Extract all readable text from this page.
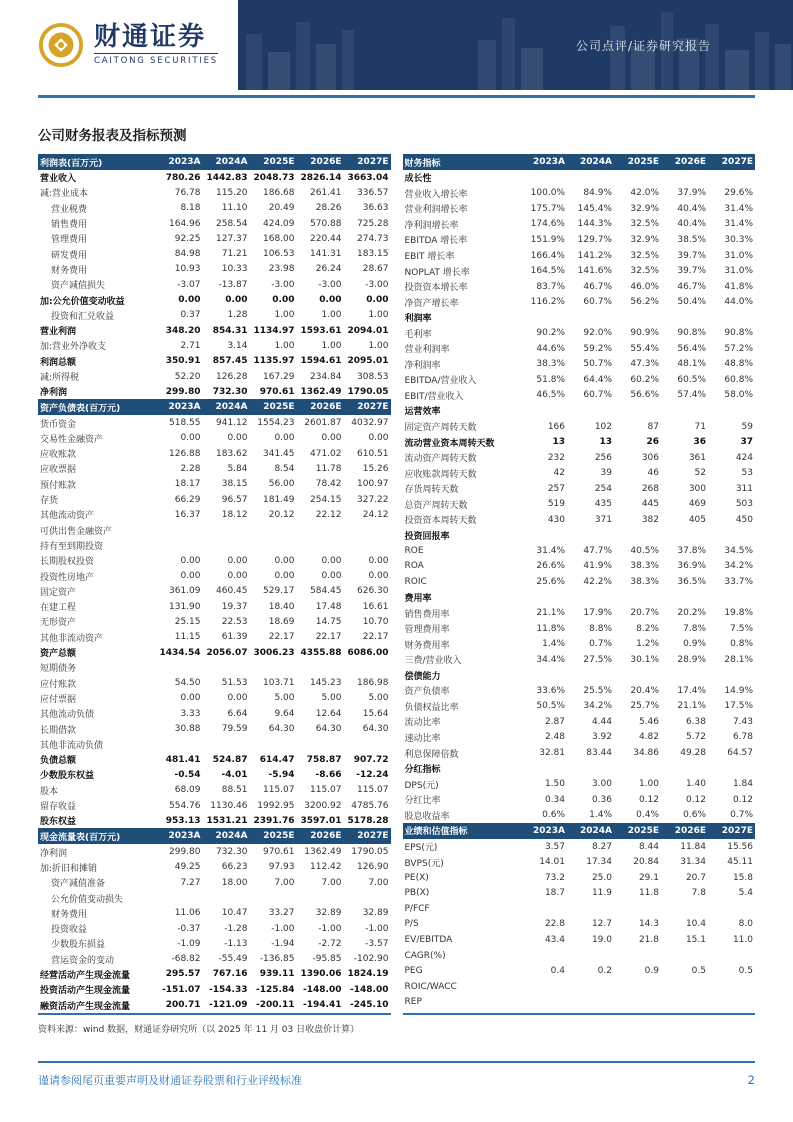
财通证券
CAITONG SECURITIES
公司点评/证券研究报告
公司财务报表及指标预测
利润表(百万元)	2023A	2024A	2025E	2026E	2027E
营业收入	780.26 1442.83 2048.73 2826.14 3663.04
减:营业成本	76.78	115.20	186.68	261.41	336.57
营业税费	8.18	11.10	20.49	28.26	36.63
销售费用	164.96	258.54	424.09	570.88	725.28
管理费用	92.25	127.37	168.00	220.44	274.73
研发费用	84.98	71.21	106.53	141.31	183.15
财务费用	10.93	10.33	23.98	26.24	28.67
资产减值损失	-3.07	-13.87	-3.00	-3.00	-3.00
加:公允价值变动收益	0.00	0.00	0.00	0.00	0.00
投资和汇兑收益	0.37	1.28	1.00	1.00	1.00
营业利润	348.20	854.31 1134.97 1593.61 2094.01
加:营业外净收支	2.71	3.14	1.00	1.00	1.00
利润总额	350.91	857.45 1135.97 1594.61 2095.01
减:所得税	52.20	126.28	167.29	234.84	308.53
净利润	299.80	732.30	970.61 1362.49 1790.05
资产负债表(百万元)	2023A	2024A	2025E	2026E	2027E
货币资金	518.55	941.12	1554.23	2601.87	4032.97
交易性金融资产	0.00	0.00	0.00	0.00	0.00
应收账款	126.88	183.62	341.45	471.02	610.51
应收票据	2.28	5.84	8.54	11.78	15.26
预付账款	18.17	38.15	56.00	78.42	100.97
存货	66.29	96.57	181.49	254.15	327.22
其他流动资产	16.37	18.12	20.12	22.12	24.12
可供出售金融资产
持有至到期投资
长期股权投资	0.00	0.00	0.00	0.00	0.00
投资性房地产	0.00	0.00	0.00	0.00	0.00
固定资产	361.09	460.45	529.17	584.45	626.30
在建工程	131.90	19.37	18.40	17.48	16.61
无形资产	25.15	22.53	18.69	14.75	10.70
其他非流动资产	11.15	61.39	22.17	22.17	22.17
资产总额	1434.54 2056.07 3006.23 4355.88 6086.00
短期债务
应付账款	54.50	51.53	103.71	145.23	186.98
应付票据	0.00	0.00	5.00	5.00	5.00
其他流动负债	3.33	6.64	9.64	12.64	15.64
长期借款	30.88	79.59	64.30	64.30	64.30
其他非流动负债
负债总额	481.41	524.87	614.47	758.87	907.72
少数股东权益	-0.54	-4.01	-5.94	-8.66	-12.24
股本	68.09	88.51	115.07	115.07	115.07
留存收益	554.76	1130.46	1992.95	3200.92	4785.76
股东权益	953.13 1531.21 2391.76 3597.01 5178.28
现金流量表(百万元)	2023A	2024A	2025E	2026E	2027E
净利润	299.80	732.30	970.61	1362.49	1790.05
加:折旧和摊销	49.25	66.23	97.93	112.42	126.90
资产减值准备	7.27	18.00	7.00	7.00	7.00
公允价值变动损失
财务费用	11.06	10.47	33.27	32.89	32.89
投资收益	-0.37	-1.28	-1.00	-1.00	-1.00
少数股东损益	-1.09	-1.13	-1.94	-2.72	-3.57
营运资金的变动	-68.82	-55.49	-136.85	-95.85	-102.90
经营活动产生现金流量	295.57	767.16	939.11 1390.06 1824.19
投资活动产生现金流量	-151.07 -154.33 -125.84 -148.00 -148.00
融资活动产生现金流量	200.71 -121.09 -200.11 -194.41 -245.10
财务指标	2023A	2024A	2025E	2026E	2027E
成长性
营业收入增长率	100.0%	84.9%	42.0%	37.9%	29.6%
营业利润增长率	175.7%	145.4%	32.9%	40.4%	31.4%
净利润增长率	174.6%	144.3%	32.5%	40.4%	31.4%
EBITDA 增长率	151.9%	129.7%	32.9%	38.5%	30.3%
EBIT 增长率	166.4%	141.2%	32.5%	39.7%	31.0%
NOPLAT 增长率	164.5%	141.6%	32.5%	39.7%	31.0%
投资资本增长率	83.7%	46.7%	46.0%	46.7%	41.8%
净资产增长率	116.2%	60.7%	56.2%	50.4%	44.0%
利润率
毛利率	90.2%	92.0%	90.9%	90.8%	90.8%
营业利润率	44.6%	59.2%	55.4%	56.4%	57.2%
净利润率	38.3%	50.7%	47.3%	48.1%	48.8%
EBITDA/营业收入	51.8%	64.4%	60.2%	60.5%	60.8%
EBIT/营业收入	46.5%	60.7%	56.6%	57.4%	58.0%
运营效率
固定资产周转天数	166	102	87	71	59
流动营业资本周转天数	13	13	26	36	37
流动资产周转天数	232	256	306	361	424
应收账款周转天数	42	39	46	52	53
存货周转天数	257	254	268	300	311
总资产周转天数	519	435	445	469	503
投资资本周转天数	430	371	382	405	450
投资回报率
ROE	31.4%	47.7%	40.5%	37.8%	34.5%
ROA	26.6%	41.9%	38.3%	36.9%	34.2%
ROIC	25.6%	42.2%	38.3%	36.5%	33.7%
费用率
销售费用率	21.1%	17.9%	20.7%	20.2%	19.8%
管理费用率	11.8%	8.8%	8.2%	7.8%	7.5%
财务费用率	1.4%	0.7%	1.2%	0.9%	0.8%
三费/营业收入	34.4%	27.5%	30.1%	28.9%	28.1%
偿债能力
资产负债率	33.6%	25.5%	20.4%	17.4%	14.9%
负债权益比率	50.5%	34.2%	25.7%	21.1%	17.5%
流动比率	2.87	4.44	5.46	6.38	7.43
速动比率	2.48	3.92	4.82	5.72	6.78
利息保障倍数	32.81	83.44	34.86	49.28	64.57
分红指标
DPS(元)	1.50	3.00	1.00	1.40	1.84
分红比率	0.34	0.36	0.12	0.12	0.12
股息收益率	0.6%	1.4%	0.4%	0.6%	0.7%
业绩和估值指标	2023A	2024A	2025E	2026E	2027E
EPS(元)	3.57	8.27	8.44	11.84	15.56
BVPS(元)	14.01	17.34	20.84	31.34	45.11
PE(X)	73.2	25.0	29.1	20.7	15.8
PB(X)	18.7	11.9	11.8	7.8	5.4
P/FCF
P/S	22.8	12.7	14.3	10.4	8.0
EV/EBITDA	43.4	19.0	21.8	15.1	11.0
CAGR(%)
PEG	0.4	0.2	0.9	0.5	0.5
ROIC/WACC
REP
资料来源：wind 数据，财通证券研究所（以 2025 年 11 月 03 日收盘价计算）
谨请参阅尾页重要声明及财通证券股票和行业评级标准	2
